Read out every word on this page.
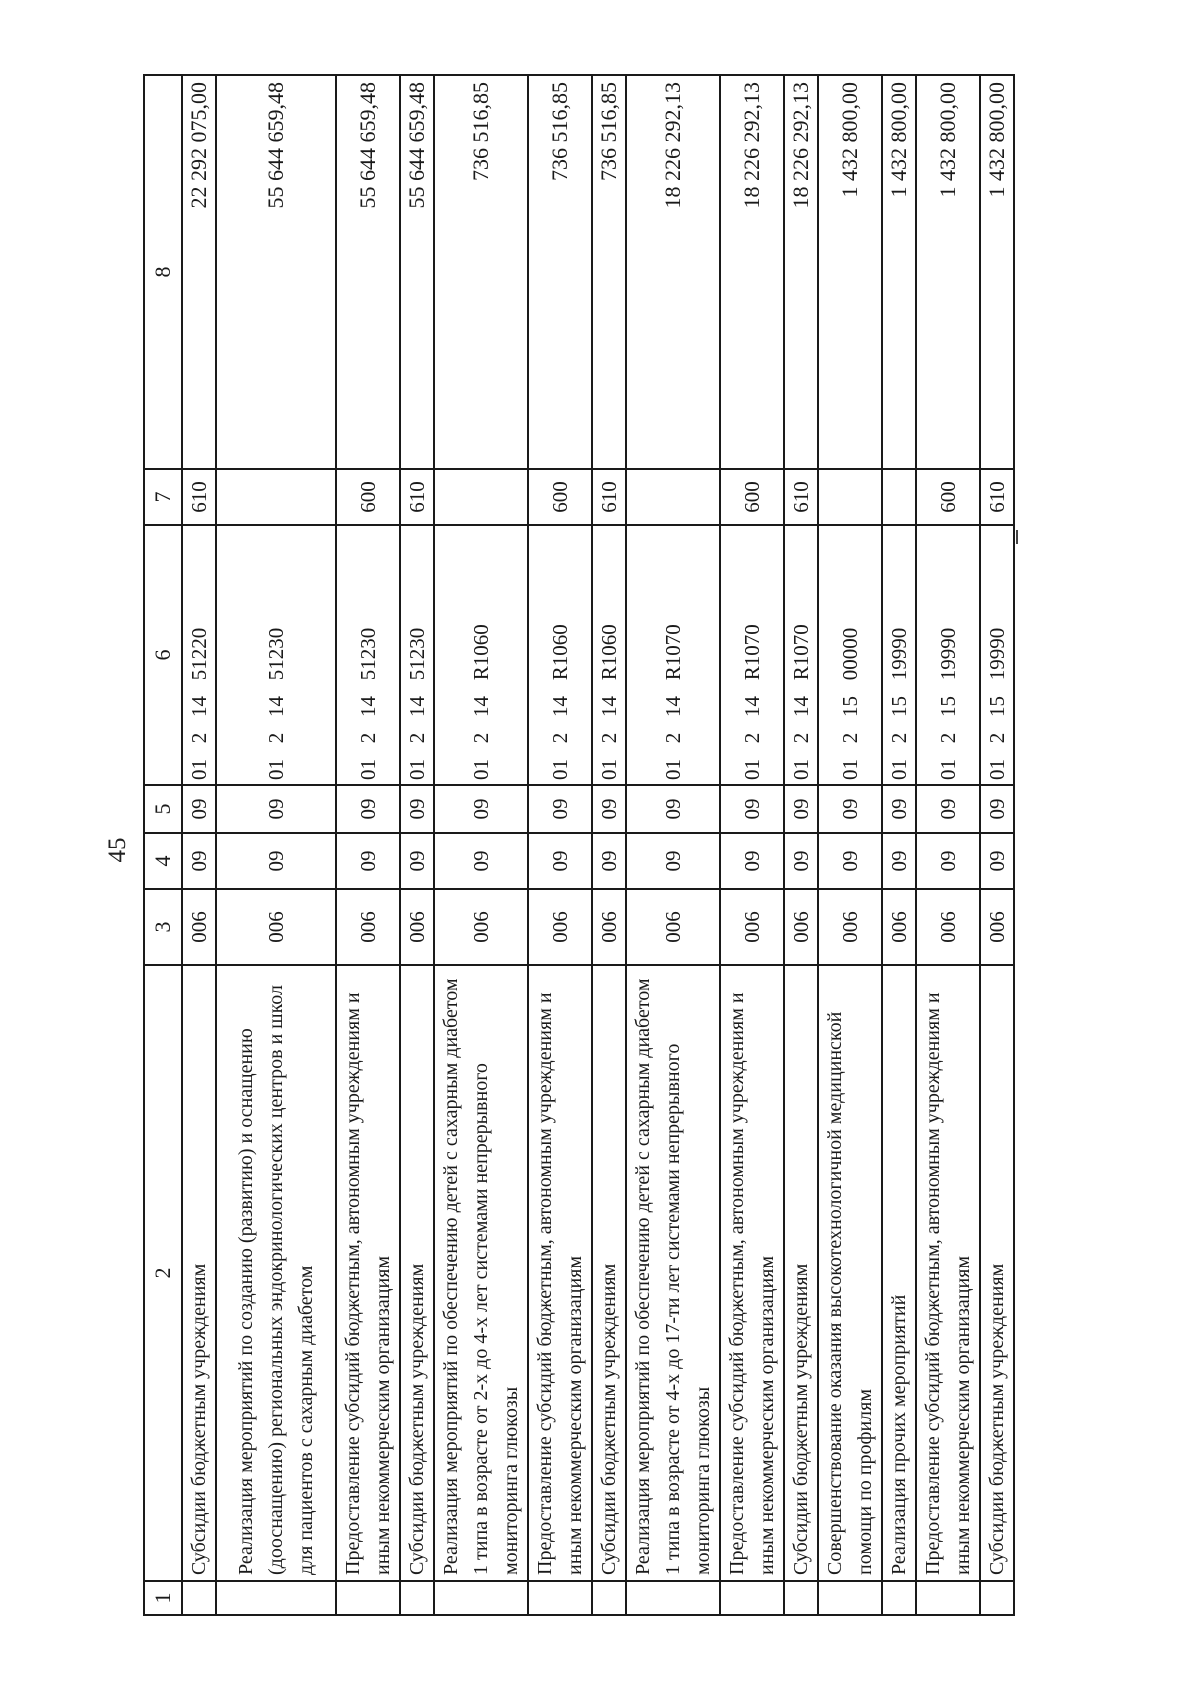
45
1	2	3	4	5	6	7	8
	Субсидии бюджетным учреждениям	006	09	09	01   2   14   51220	610	22 292 075,00
	Реализация мероприятий по созданию (развитию) и оснащению (дооснащению) региональных эндокринологических центров и школ для пациентов с сахарным диабетом	006	09	09	01   2   14   51230		55 644 659,48
	Предоставление субсидий бюджетным, автономным учреждениям и иным некоммерческим организациям	006	09	09	01   2   14   51230	600	55 644 659,48
	Субсидии бюджетным учреждениям	006	09	09	01   2   14   51230	610	55 644 659,48
	Реализация мероприятий по обеспечению детей с сахарным диабетом 1 типа в возрасте от 2-х до 4-х лет системами непрерывного мониторинга глюкозы	006	09	09	01   2   14   R1060		736 516,85
	Предоставление субсидий бюджетным, автономным учреждениям и иным некоммерческим организациям	006	09	09	01   2   14   R1060	600	736 516,85
	Субсидии бюджетным учреждениям	006	09	09	01   2   14   R1060	610	736 516,85
	Реализация мероприятий по обеспечению детей с сахарным диабетом 1 типа в возрасте от 4-х до 17-ти лет системами непрерывного мониторинга глюкозы	006	09	09	01   2   14   R1070		18 226 292,13
	Предоставление субсидий бюджетным, автономным учреждениям и иным некоммерческим организациям	006	09	09	01   2   14   R1070	600	18 226 292,13
	Субсидии бюджетным учреждениям	006	09	09	01   2   14   R1070	610	18 226 292,13
	Совершенствование оказания высокотехнологичной медицинской помощи по профилям	006	09	09	01   2   15   00000		1 432 800,00
	Реализация прочих мероприятий	006	09	09	01   2   15   19990		1 432 800,00
	Предоставление субсидий бюджетным, автономным учреждениям и иным некоммерческим организациям	006	09	09	01   2   15   19990	600	1 432 800,00
	Субсидии бюджетным учреждениям	006	09	09	01   2   15   19990	610	1 432 800,00
